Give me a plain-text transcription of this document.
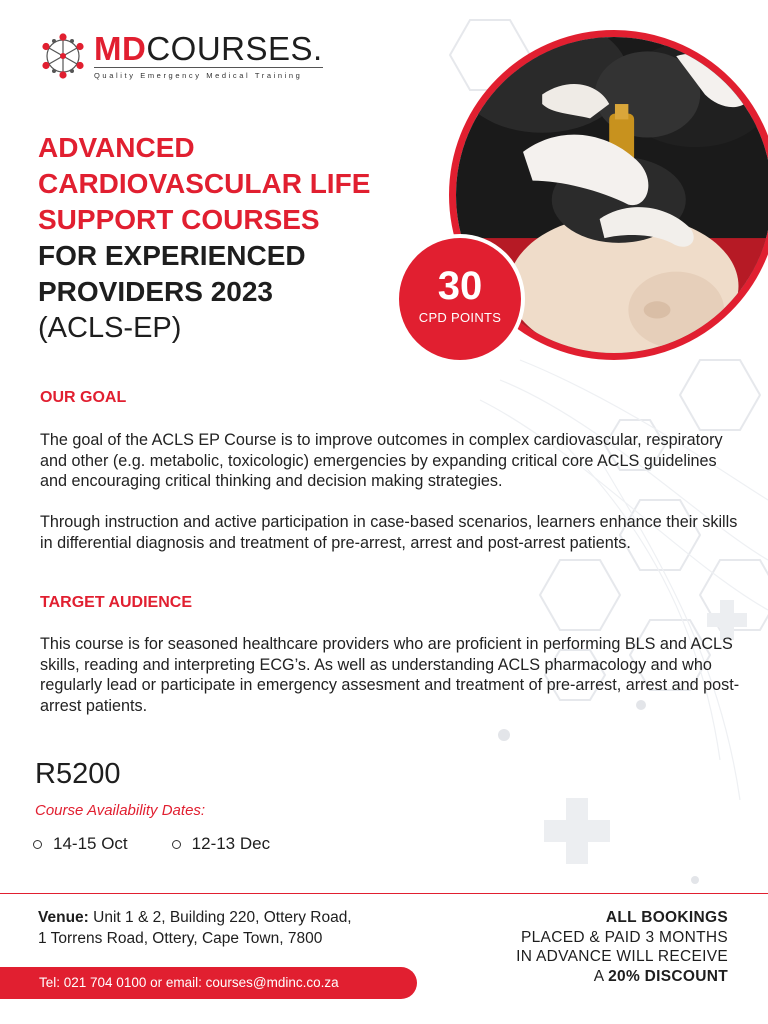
MDCOURSES.
Quality Emergency Medical Training
ADVANCED
CARDIOVASCULAR LIFE
SUPPORT COURSES
FOR EXPERIENCED
PROVIDERS 2023
(ACLS-EP)
30
CPD POINTS
OUR GOAL
The goal of the ACLS EP Course is to improve outcomes in complex cardiovascular, respiratory and other (e.g. metabolic, toxicologic) emergencies by expanding critical core ACLS guidelines and encouraging critical thinking and decision making strategies.
Through instruction and active participation in case-based scenarios, learners enhance their skills in differential diagnosis and treatment of pre-arrest, arrest and post-arrest patients.
TARGET AUDIENCE
This course is for seasoned healthcare providers who are proficient in performing BLS and ACLS skills, reading and interpreting ECG’s. As well as understanding ACLS pharmacology and who regularly lead or participate in emergency assesment and treatment of pre-arrest, arrest and post-arrest patients.
R5200
Course Availability Dates:
14-15 Oct	12-13 Dec
Venue: Unit 1 & 2, Building 220, Ottery Road,
1 Torrens Road, Ottery, Cape Town, 7800
ALL BOOKINGS
PLACED & PAID 3 MONTHS
IN ADVANCE WILL RECEIVE
A 20% DISCOUNT
Tel: 021 704 0100 or email: courses@mdinc.co.za
